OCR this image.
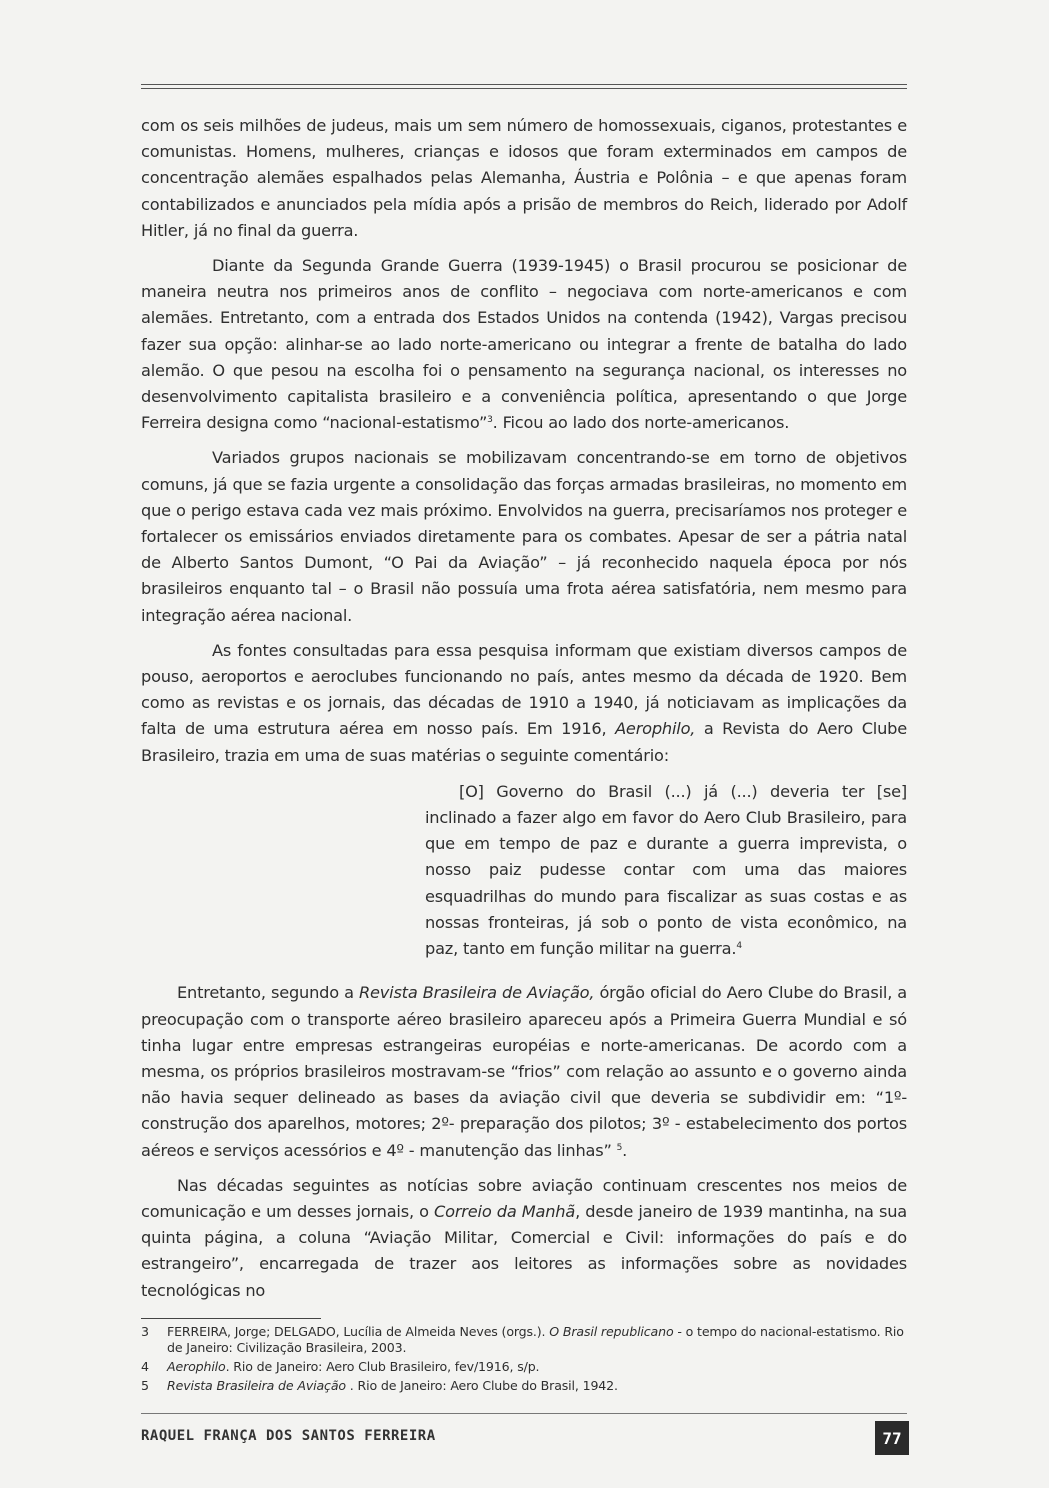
com os seis milhões de judeus, mais um sem número de homossexuais, ciganos, protestantes e comunistas. Homens, mulheres, crianças e idosos que foram exterminados em campos de concentração alemães espalhados pelas Alemanha, Áustria e Polônia – e que apenas foram contabilizados e anunciados pela mídia após a prisão de membros do Reich, liderado por Adolf Hitler, já no final da guerra.

Diante da Segunda Grande Guerra (1939-1945) o Brasil procurou se posicionar de maneira neutra nos primeiros anos de conflito – negociava com norte-americanos e com alemães. Entretanto, com a entrada dos Estados Unidos na contenda (1942), Vargas precisou fazer sua opção: alinhar-se ao lado norte-americano ou integrar a frente de batalha do lado alemão. O que pesou na escolha foi o pensamento na segurança nacional, os interesses no desenvolvimento capitalista brasileiro e a conveniência política, apresentando o que Jorge Ferreira designa como “nacional-estatismo”$^3$. Ficou ao lado dos norte-americanos.

Variados grupos nacionais se mobilizavam concentrando-se em torno de objetivos comuns, já que se fazia urgente a consolidação das forças armadas brasileiras, no momento em que o perigo estava cada vez mais próximo. Envolvidos na guerra, precisaríamos nos proteger e fortalecer os emissários enviados diretamente para os combates. Apesar de ser a pátria natal de Alberto Santos Dumont, “O Pai da Aviação” – já reconhecido naquela época por nós brasileiros enquanto tal – o Brasil não possuía uma frota aérea satisfatória, nem mesmo para integração aérea nacional.

As fontes consultadas para essa pesquisa informam que existiam diversos campos de pouso, aeroportos e aeroclubes funcionando no país, antes mesmo da década de 1920. Bem como as revistas e os jornais, das décadas de 1910 a 1940, já noticiavam as implicações da falta de uma estrutura aérea em nosso país. Em 1916, Aerophilo, a Revista do Aero Clube Brasileiro, trazia em uma de suas matérias o seguinte comentário:

[O] Governo do Brasil (...) já (...) deveria ter [se] inclinado a fazer algo em favor do Aero Club Brasileiro, para que em tempo de paz e durante a guerra imprevista, o nosso paiz pudesse contar com uma das maiores esquadrilhas do mundo para fiscalizar as suas costas e as nossas fronteiras, já sob o ponto de vista econômico, na paz, tanto em função militar na guerra.$^4$

Entretanto, segundo a Revista Brasileira de Aviação, órgão oficial do Aero Clube do Brasil, a preocupação com o transporte aéreo brasileiro apareceu após a Primeira Guerra Mundial e só tinha lugar entre empresas estrangeiras européias e norte-americanas. De acordo com a mesma, os próprios brasileiros mostravam-se “frios” com relação ao assunto e o governo ainda não havia sequer delineado as bases da aviação civil que deveria se subdividir em: “1º- construção dos aparelhos, motores; 2º- preparação dos pilotos; 3º - estabelecimento dos portos aéreos e serviços acessórios e 4º - manutenção das linhas” $^5$.

Nas décadas seguintes as notícias sobre aviação continuam crescentes nos meios de comunicação e um desses jornais, o Correio da Manhã, desde janeiro de 1939 mantinha, na sua quinta página, a coluna “Aviação Militar, Comercial e Civil: informações do país e do estrangeiro”, encarregada de trazer aos leitores as informações sobre as novidades tecnológicas no

3	FERREIRA, Jorge; DELGADO, Lucília de Almeida Neves (orgs.). O Brasil republicano - o tempo do nacional-estatismo. Rio de Janeiro: Civilização Brasileira, 2003.
4	Aerophilo. Rio de Janeiro: Aero Club Brasileiro, fev/1916, s/p.
5	Revista Brasileira de Aviação . Rio de Janeiro: Aero Clube do Brasil, 1942.
RAQUEL FRANÇA DOS SANTOS FERREIRA	77
